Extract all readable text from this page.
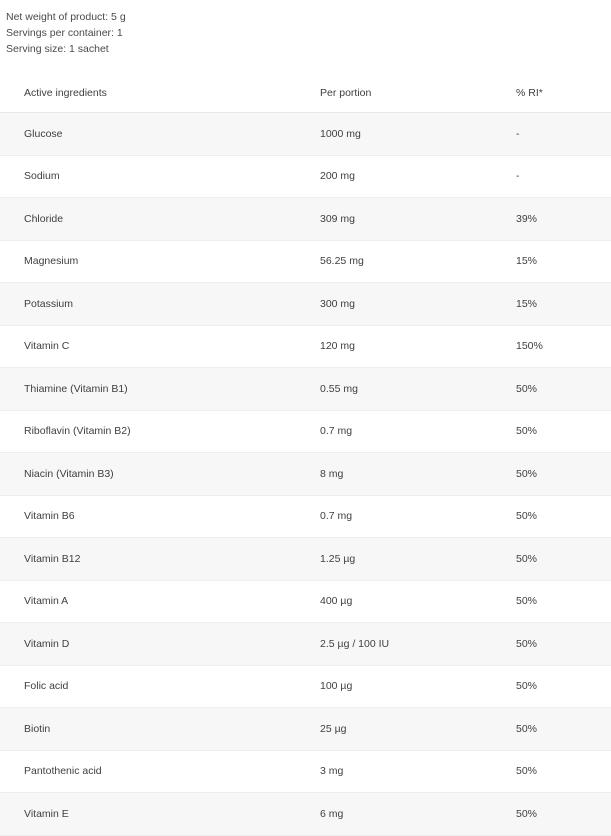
Net weight of product: 5 g
Servings per container: 1
Serving size: 1 sachet
Active ingredients	Per portion	% RI*
Glucose	1000 mg	-
Sodium	200 mg	-
Chloride	309 mg	39%
Magnesium	56.25 mg	15%
Potassium	300 mg	15%
Vitamin C	120 mg	150%
Thiamine (Vitamin B1)	0.55 mg	50%
Riboflavin (Vitamin B2)	0.7 mg	50%
Niacin (Vitamin B3)	8 mg	50%
Vitamin B6	0.7 mg	50%
Vitamin B12	1.25 µg	50%
Vitamin A	400 µg	50%
Vitamin D	2.5 µg / 100 IU	50%
Folic acid	100 µg	50%
Biotin	25 µg	50%
Pantothenic acid	3 mg	50%
Vitamin E	6 mg	50%
